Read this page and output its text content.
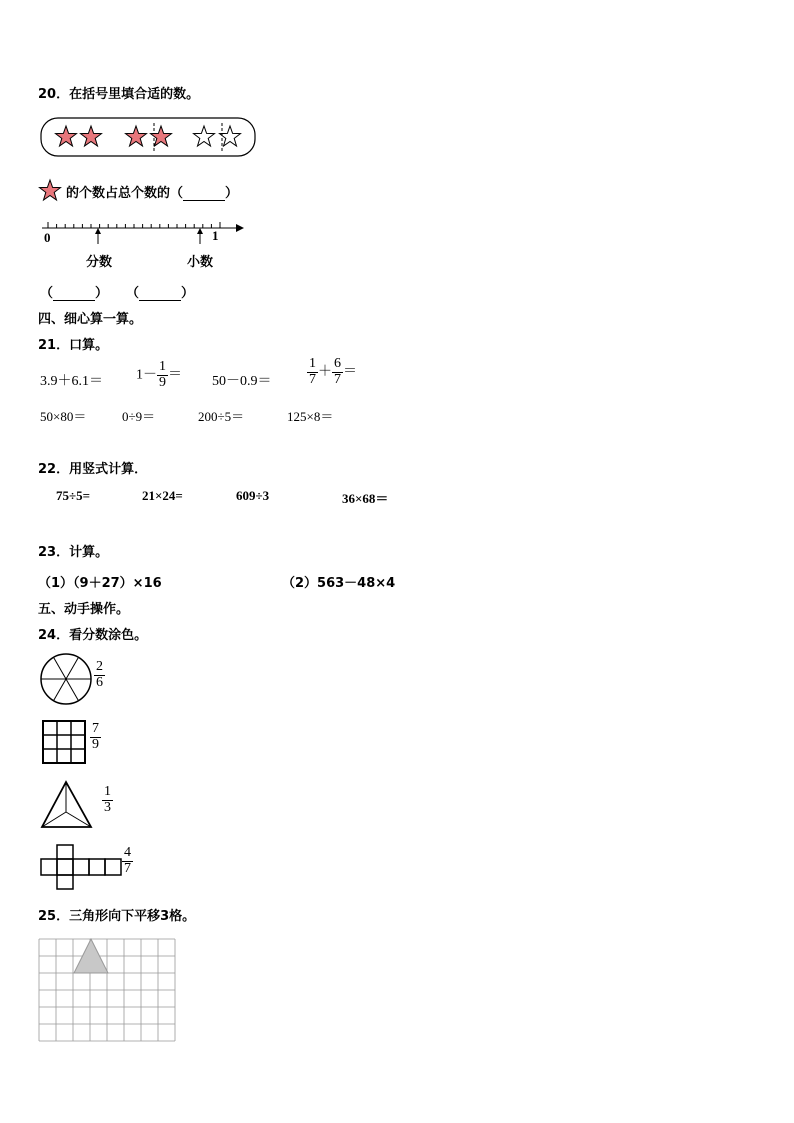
20．在括号里填合适的数。
的个数占总个数的（	）
0	1
分数	小数
（	） （	）
四、细心算一算。
21．口算。
$3.9+6.1= 1- \frac{1}{9} = 50-0.9=$	$\frac{1}{7} + \frac{6}{7}$ ＝
50×80＝	0÷9＝	200÷5＝	125×8＝
22．用竖式计算．
75÷5=	21×24=	609÷3	36×68＝
23．计算。
（1）（9＋27）×16	（2）563－48×4
五、动手操作。
24．看分数涂色。
$\frac{2}{6}$
$\frac{7}{9}$
$\frac{1}{3}$
$\frac{4}{7}$
25．三角形向下平移3格。
